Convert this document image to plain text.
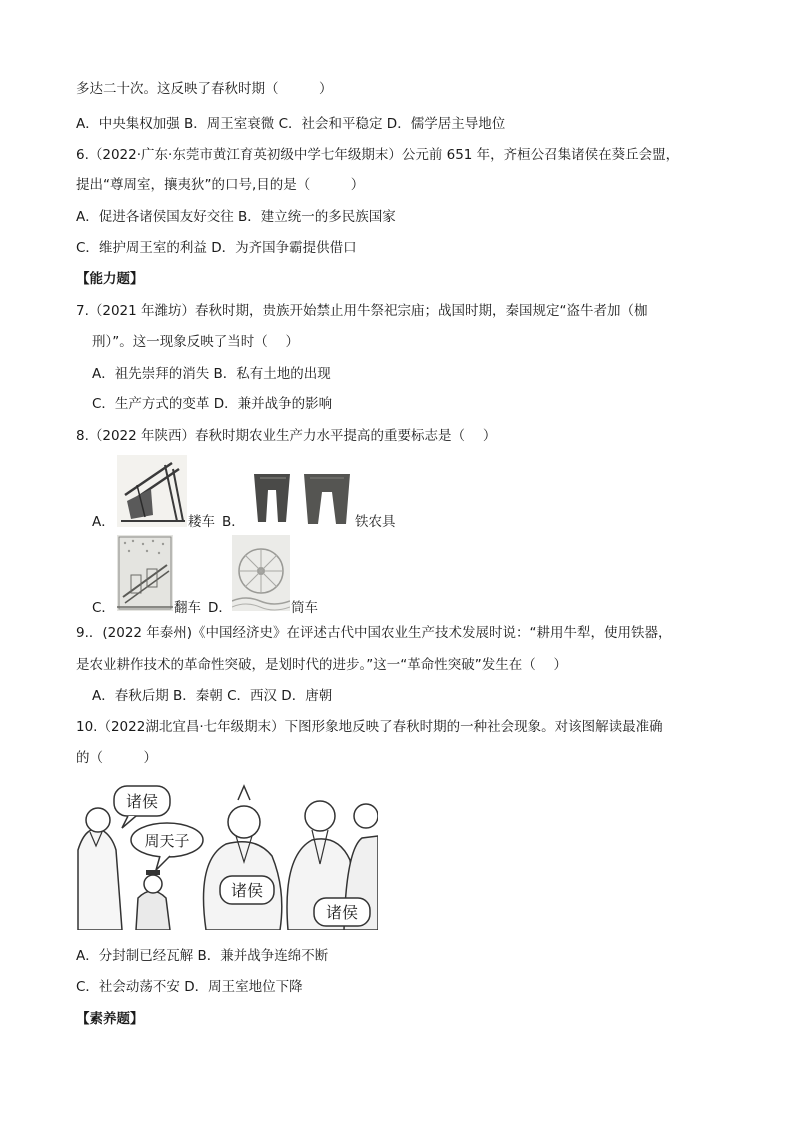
多达二十次。这反映了春秋时期（　　　）
A．中央集权加强 B．周王室衰微 C．社会和平稳定 D．儒学居主导地位
6.（2022·广东·东莞市黄江育英初级中学七年级期末）公元前 651 年，齐桓公召集诸侯在葵丘会盟，
提出“尊周室，攘夷狄”的口号,目的是（　　　）
A．促进各诸侯国友好交往 B．建立统一的多民族国家
C．维护周王室的利益 D．为齐国争霸提供借口
【能力题】
7.（2021 年潍坊）春秋时期，贵族开始禁止用牛祭祀宗庙；战国时期，秦国规定“盗牛者加（枷
刑）”。这一现象反映了当时（　 ）
A．祖先崇拜的消失 B．私有土地的出现
C．生产方式的变革 D．兼并战争的影响
8.（2022 年陕西）春秋时期农业生产力水平提高的重要标志是（　 ）
A．	耧车 B．	铁农具
C．	翻车 D．	筒车
9.．(2022 年泰州)《中国经济史》在评述古代中国农业生产技术发展时说：“耕用牛犁，使用铁器，
是农业耕作技术的革命性突破，是划时代的进步。”这一“革命性突破”发生在（　 ）
A．春秋后期 B．秦朝 C．西汉 D．唐朝
10.（2022湖北宜昌·七年级期末）下图形象地反映了春秋时期的一种社会现象。对该图解读最准确
的（　　　）
诸侯
周天子
诸侯
诸侯
A．分封制已经瓦解 B．兼并战争连绵不断
C．社会动荡不安 D．周王室地位下降
【素养题】
